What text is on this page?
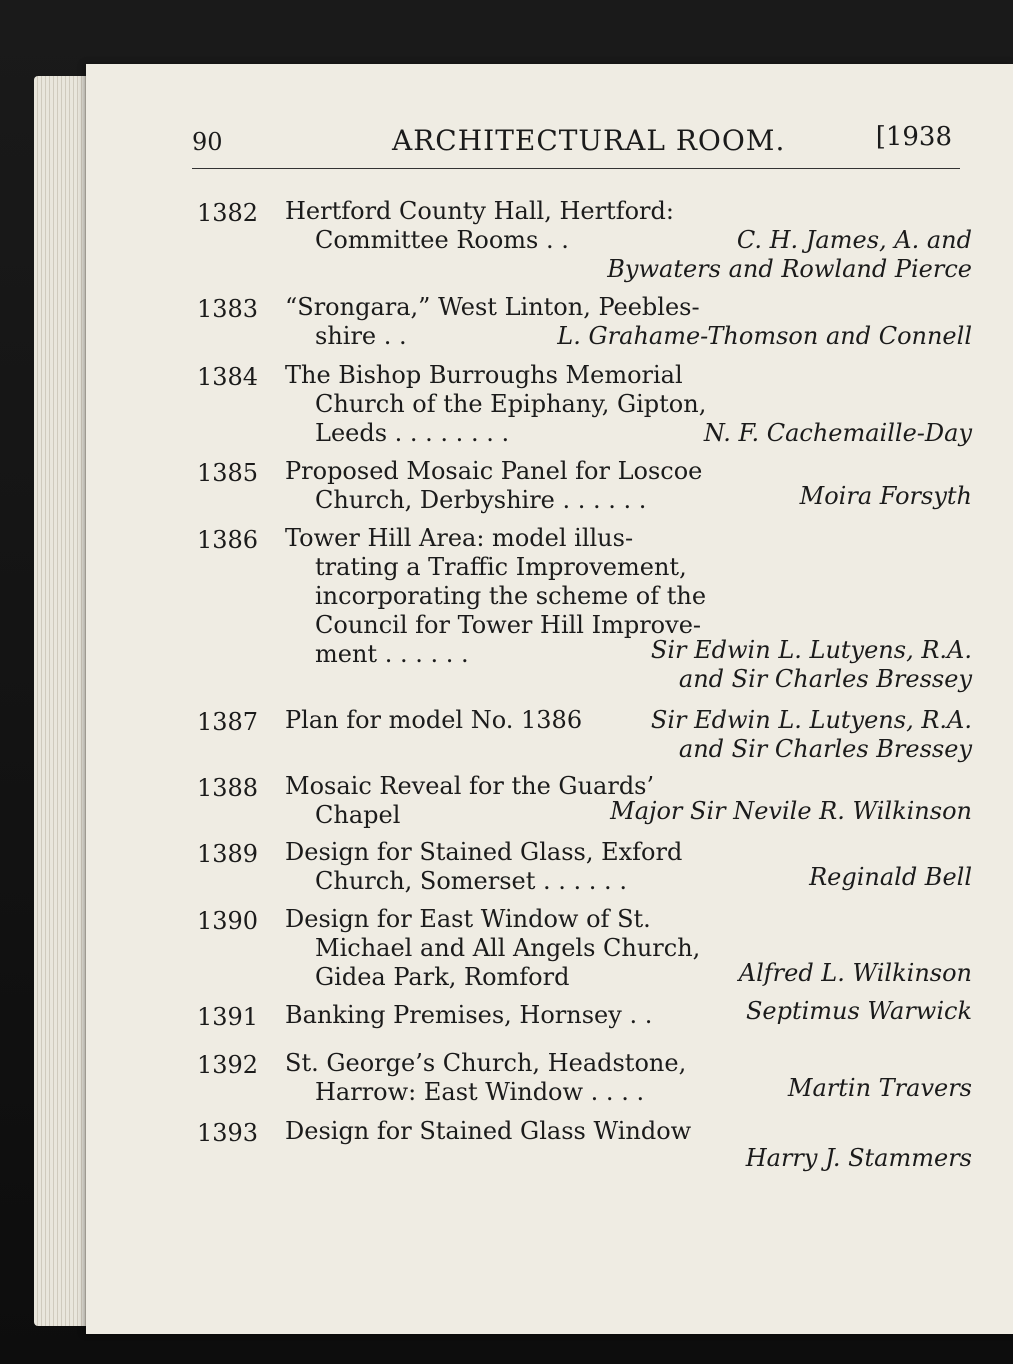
90	ARCHITECTURAL ROOM.	[1938
1382 Hertford County Hall, Hertford:
Committee Rooms . .	C. H. James, A. and
Bywaters and Rowland Pierce
1383 “Srongara,” West Linton, Peebles-
shire . .	L. Grahame-Thomson and Connell
1384 The Bishop Burroughs Memorial
Church of the Epiphany, Gipton,
Leeds . . . . . . . .	N. F. Cachemaille-Day
1385 Proposed Mosaic Panel for Loscoe
Church, Derbyshire . . . . . .	Moira Forsyth
1386 Tower Hill Area: model illus-
trating a Traffic Improvement,
incorporating the scheme of the
Council for Tower Hill Improve-
ment . . . . . .	Sir Edwin L. Lutyens, R.A.
and Sir Charles Bressey
1387 Plan for model No. 1386	Sir Edwin L. Lutyens, R.A.
and Sir Charles Bressey
1388 Mosaic Reveal for the Guards’
Chapel	Major Sir Nevile R. Wilkinson
1389 Design for Stained Glass, Exford
Church, Somerset . . . . . .	Reginald Bell
1390 Design for East Window of St.
Michael and All Angels Church,
Gidea Park, Romford	Alfred L. Wilkinson
1391 Banking Premises, Hornsey . .	Septimus Warwick
1392 St. George’s Church, Headstone,
Harrow: East Window . . . .	Martin Travers
1393 Design for Stained Glass Window
Harry J. Stammers
